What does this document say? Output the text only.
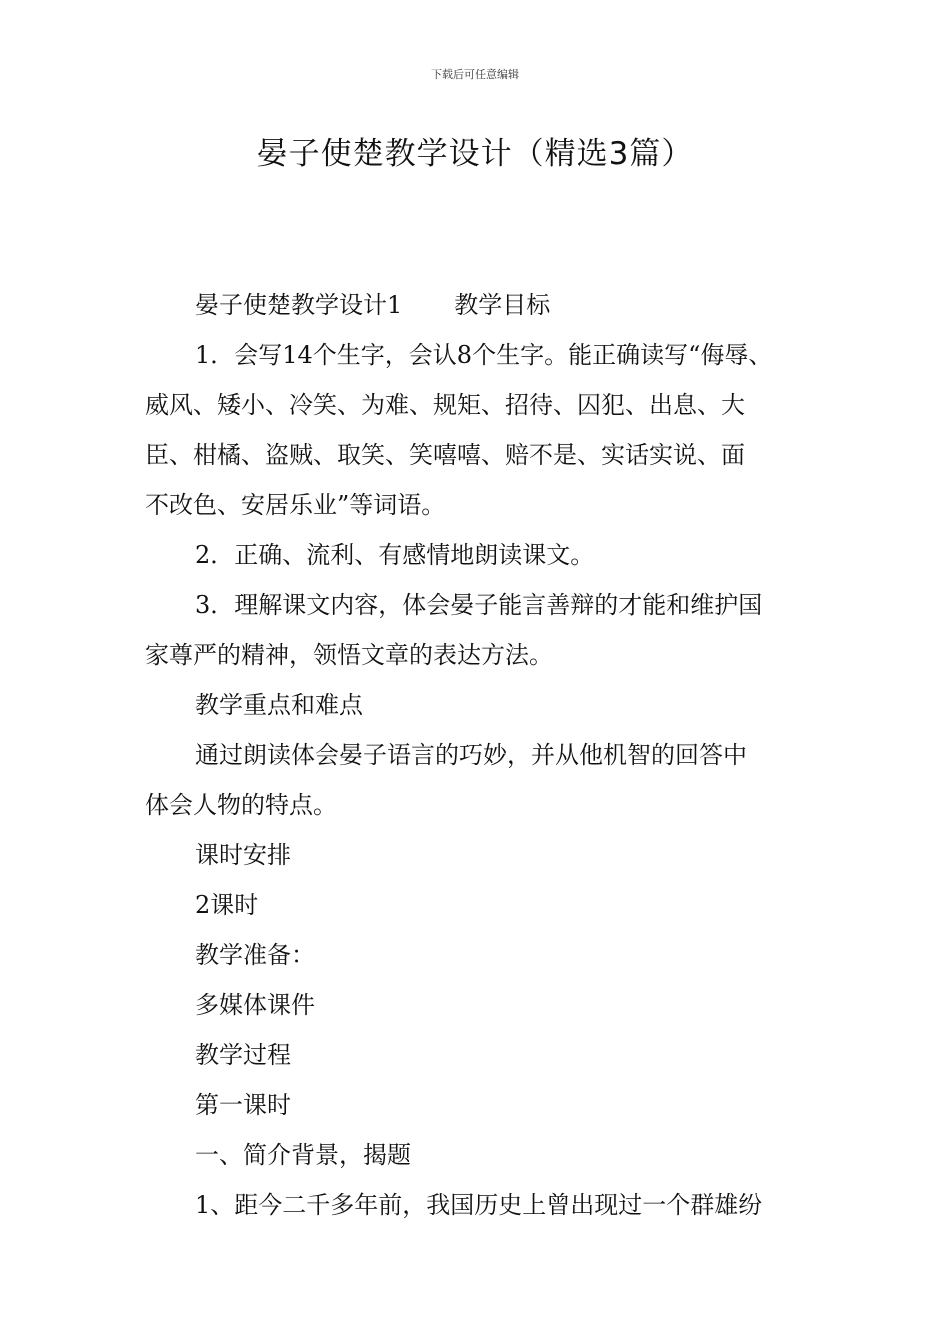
下载后可任意编辑
晏子使楚教学设计（精选3篇）

晏子使楚教学设计1 教学目标

1．会写14个生字，会认8个生字。能正确读写“侮辱、

威风、矮小、冷笑、为难、规矩、招待、囚犯、出息、大

臣、柑橘、盗贼、取笑、笑嘻嘻、赔不是、实话实说、面

不改色、安居乐业”等词语。

2．正确、流利、有感情地朗读课文。

3．理解课文内容，体会晏子能言善辩的才能和维护国

家尊严的精神，领悟文章的表达方法。

教学重点和难点

通过朗读体会晏子语言的巧妙，并从他机智的回答中

体会人物的特点。

课时安排

2课时

教学准备：

多媒体课件

教学过程

第一课时

一、简介背景，揭题

1、距今二千多年前，我国历史上曾出现过一个群雄纷
